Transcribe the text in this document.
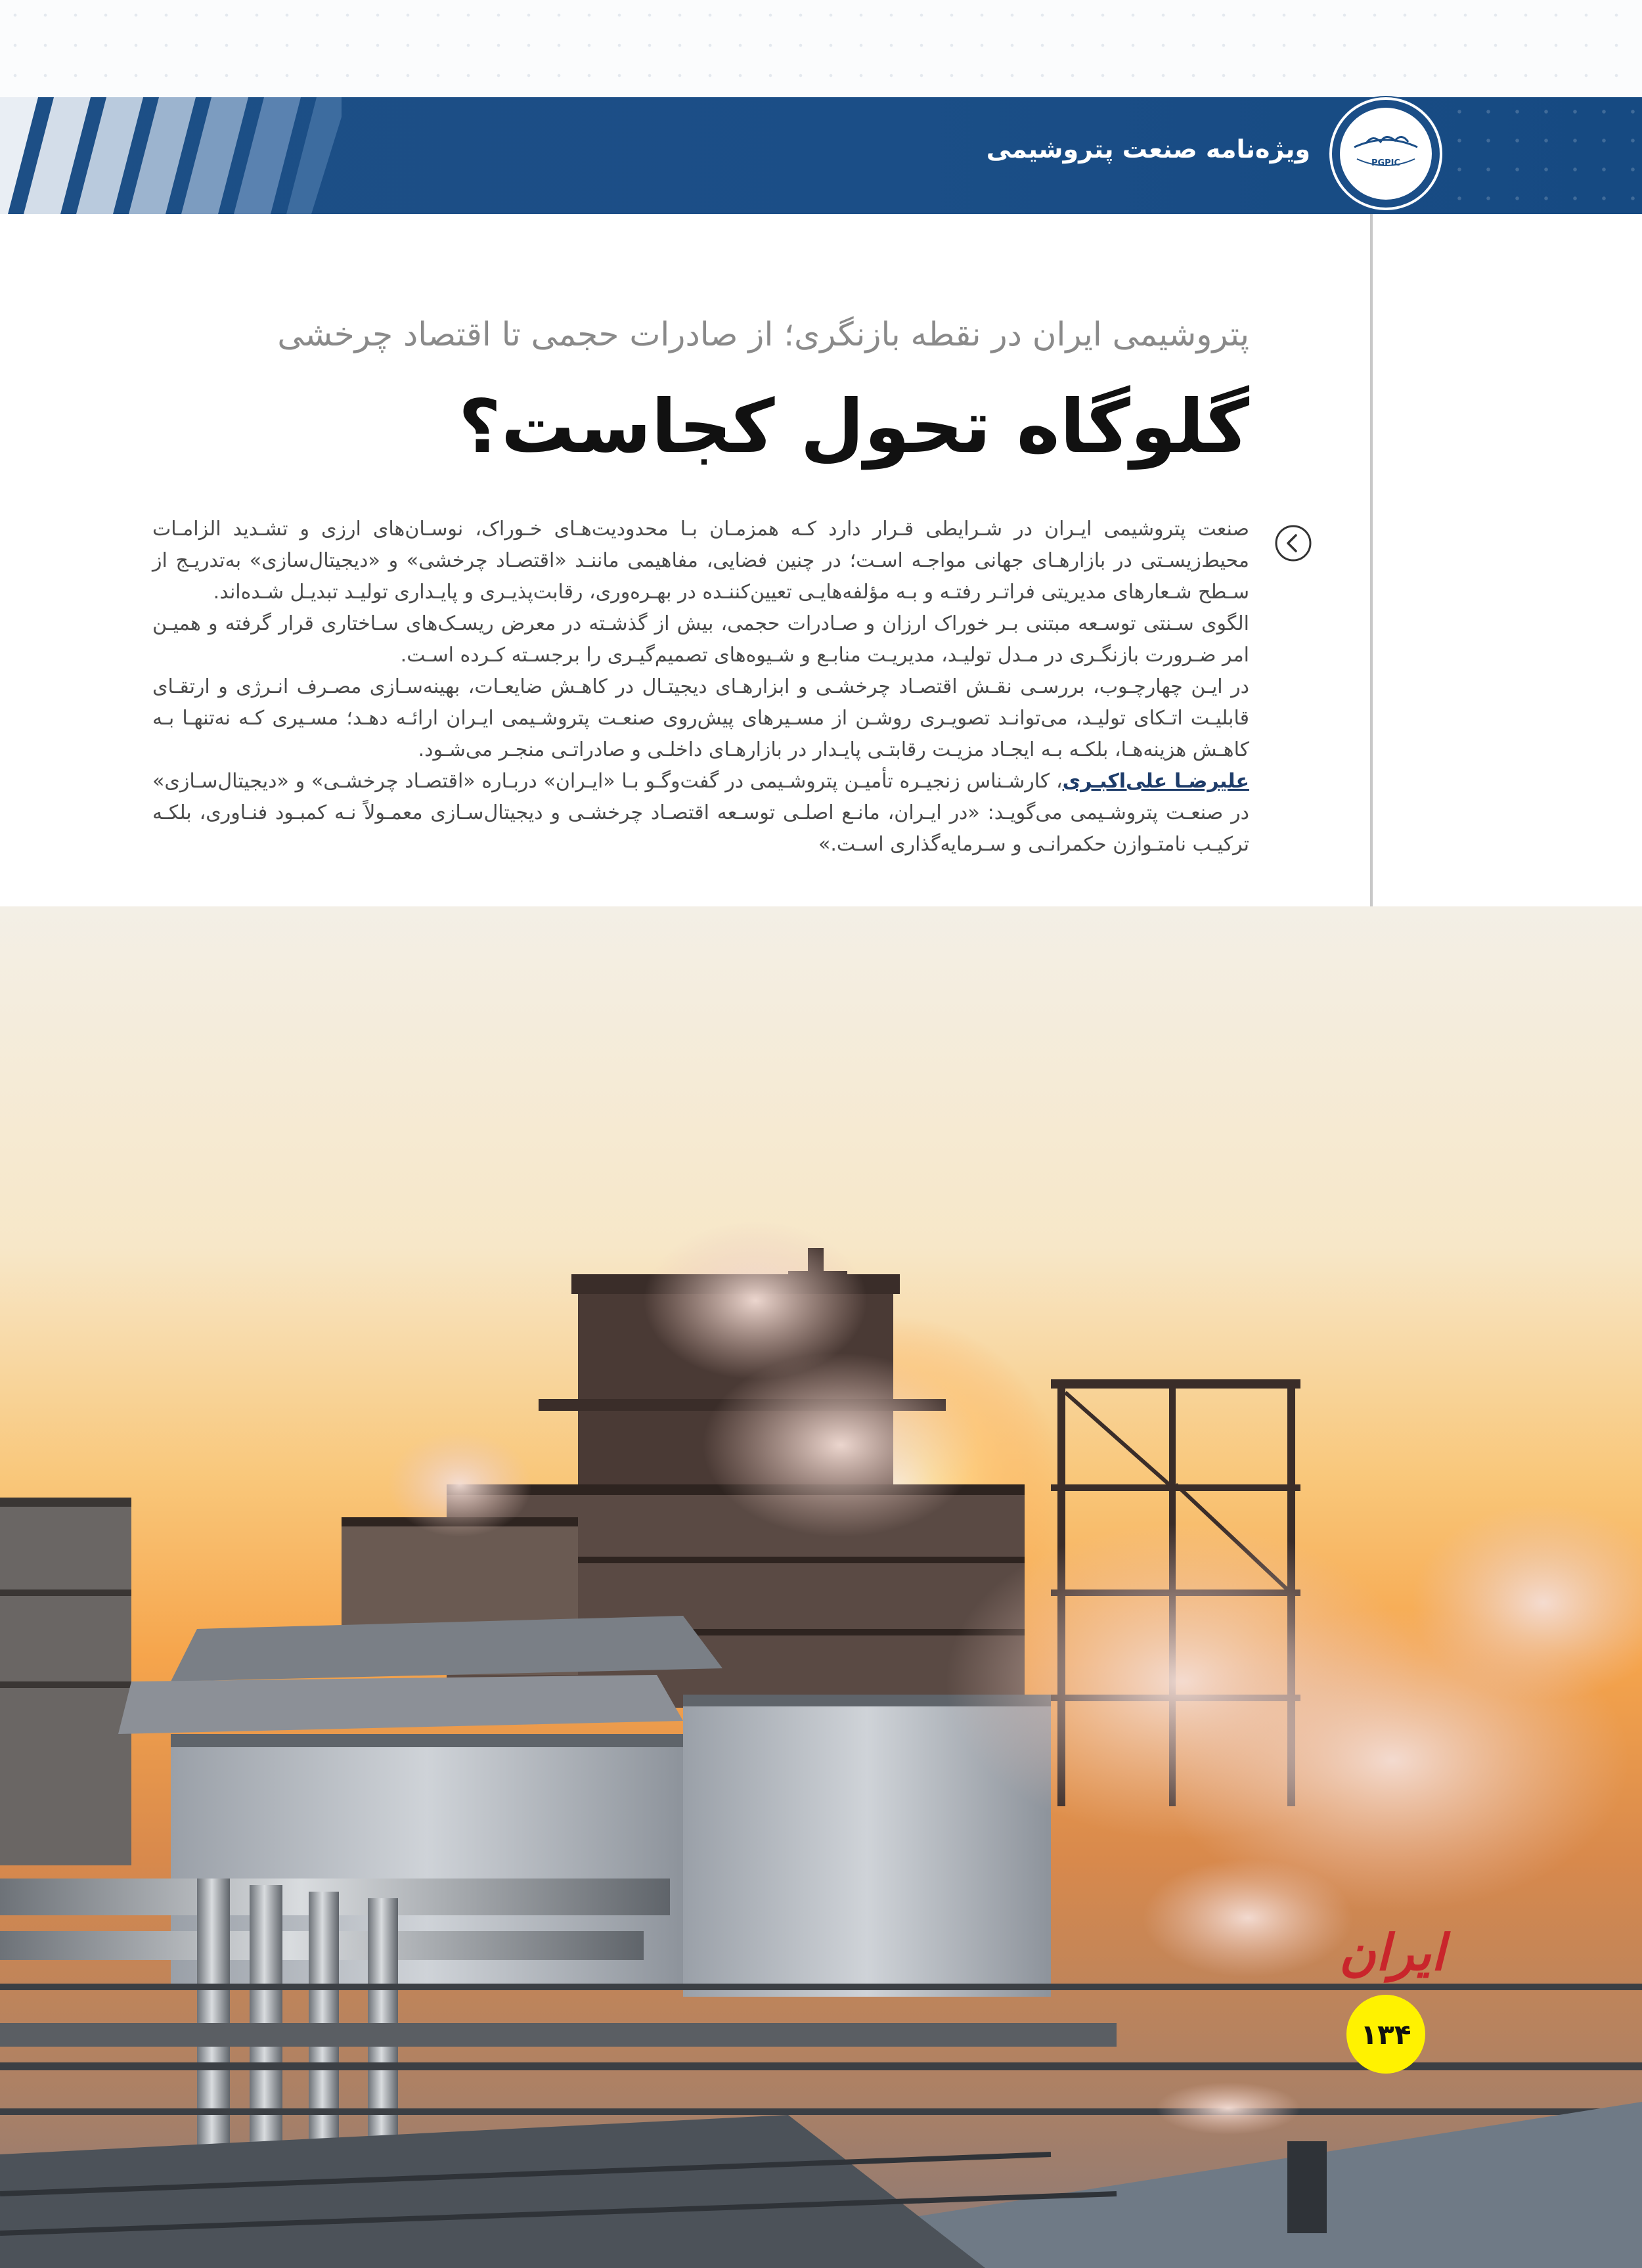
ویژه‌نامه صنعت پتروشیمی	PGPIC
پتروشیمی ایران در نقطه بازنگری؛ از صادرات حجمی تا اقتصاد چرخشی
گلوگاه تحول کجاست؟

صنعت پتروشیمی ایـران در شـرایطی قـرار دارد کـه همزمـان بـا محدودیت‌هـای خـوراک، نوسـان‌های ارزی و تشـدید الزامـات محیط‌زیسـتی در بازارهـای جهانی مواجـه اسـت؛ در چنین فضایی، مفاهیمی ماننـد «اقتصـاد چرخشی» و «دیجیتال‌سازی» به‌تدریـج از سـطح شـعارهای مدیریتی فراتـر رفتـه و بـه مؤلفه‌هایـی تعیین‌کننـده در بهـره‌وری، رقابت‌پذیـری و پایـداری تولیـد تبدیـل شـده‌اند.

الگوی سـنتی توسـعه مبتنی بـر خوراک ارزان و صـادرات حجمی، بیش از گذشـته در معرض ریسـک‌های سـاختاری قرار گرفته و همیـن امر ضـرورت بازنگـری در مـدل تولیـد، مدیریـت منابـع و شـیوه‌های تصمیم‌گیـری را برجسـته کـرده اسـت.

در ایـن چهارچـوب، بررسـی نقـش اقتصـاد چرخشـی و ابزارهـای دیجیتـال در کاهـش ضایعـات، بهینه‌سـازی مصـرف انـرژی و ارتقـای قابلیـت اتـکای تولیـد، می‌توانـد تصویـری روشـن از مسـیرهای پیش‌روی صنعـت پتروشـیمی ایـران ارائـه دهـد؛ مسـیری کـه نه‌تنهـا بـه کاهـش هزینه‌هـا، بلکـه بـه ایجـاد مزیـت رقابتـی پایـدار در بازارهـای داخلـی و صادراتـی منجـر می‌شـود.

علیرضـا علی‌اکبـری، کارشـناس زنجیـره تأمیـن پتروشـیمی در گفت‌وگـو بـا «ایـران» دربـاره «اقتصـاد چرخشـی» و «دیجیتال‌سـازی» در صنعـت پتروشـیمی می‌گویـد: «در ایـران، مانـع اصلـی توسـعه اقتصـاد چرخشـی و دیجیتال‌سـازی معمـولاً نـه کمبـود فنـاوری، بلکـه ترکیـب نامتـوازن حکمرانـی و سـرمایه‌گذاری اسـت.»

ایران
۱۳۴
